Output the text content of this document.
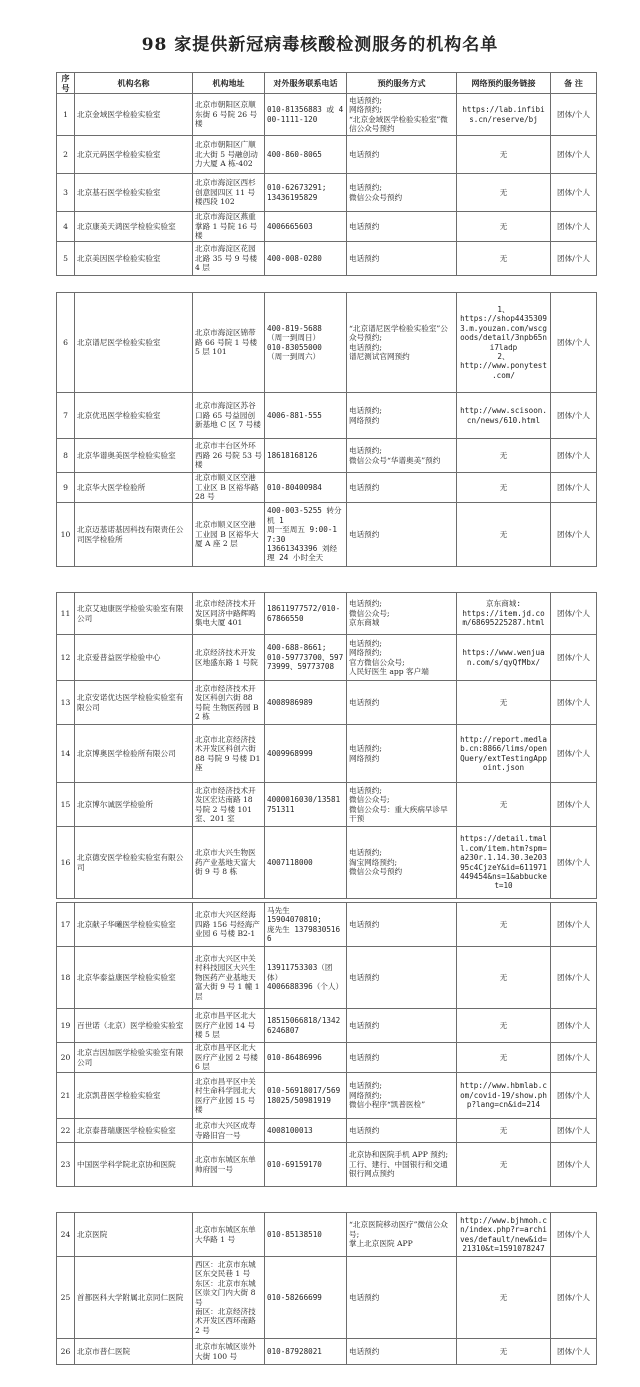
98 家提供新冠病毒核酸检测服务的机构名单
序号	机构名称	机构地址	对外服务联系电话	预约服务方式	网络预约服务链接	备 注
1	北京金域医学检验实验室	北京市朝阳区京顺东街 6 号院 26 号楼	010-81356883 或 400-1111-120	电话预约;
网络预约;
“北京金域医学检验实验室”微信公众号预约	https://lab.infibis.cn/reserve/bj	团体/个人
2	北京元码医学检验实验室	北京市朝阳区广顺北大街 5 号融创动力大厦 A 栋-402	400-860-8065	电话预约	无	团体/个人
3	北京基石医学检验实验室	北京市海淀区西杉创意园四区 11 号楼西段 102	010-62673291;
13436195829	电话预约;
微信公众号预约	无	团体/个人
4	北京康美天鸿医学检验实验室	北京市海淀区燕重掌路 1 号院 16 号楼	4006665603	电话预约	无	团体/个人
5	北京美因医学检验实验室	北京市海淀区花园北路 35 号 9 号楼 4 层	400-008-0280	电话预约	无	团体/个人
6	北京谱尼医学检验实验室	北京市海淀区锦带路 66 号院 1 号楼 5 层 101	400-819-5688
（周一到周日）
010-83055000
（周一到周六）	“北京谱尼医学检验实验室”公众号预约;
电话预约;
谱尼测试官网预约	1、
https://shop4435309 3.m.youzan.com/wscgoods/detail/3npb65n i7ladp
2、
http://www.ponytest .com/	团体/个人
7	北京优迅医学检验实验室	北京市海淀区苏谷口路 65 号益园创新基地 C 区 7 号楼	4006-881-555	电话预约;
网络预约	http://www.scisoon. cn/news/610.html	团体/个人
8	北京华谱奥美医学检验实验室	北京市丰台区外环西路 26 号院 53 号楼	18618168126	电话预约;
微信公众号“华谱奥美”预约	无	团体/个人
9	北京华大医学检验所	北京市顺义区空港工业区 B 区裕华路 28 号	010-80400984	电话预约	无	团体/个人
10	北京迈基诺基因科技有限责任公司医学检验所	北京市顺义区空港工业园 B 区裕华大厦 A 座 2 层	400-003-5255 转分机 1
周一至周五 9:00-17:30
13661343396 刘经理 24 小时全天	电话预约	无	团体/个人
11	北京艾迪康医学检验实验室有限公司	北京市经济技术开发区同济中路辉鸣集电大厦 401	18611977572/010-67866550	电话预约;
微信公众号;
京东商城	京东商城:
https://item.jd.com/68695225287.html	团体/个人
12	北京爱普益医学检验中心	北京经济技术开发区地盛东路 1 号院	400-688-8661;
010-59773700、59773999、59773708	电话预约;
网络预约;
官方微信公众号;
人民好医生 app 客户端	https://www.wenjuan.com/s/qyQfMbx/	团体/个人
13	北京安诺优达医学检验实验室有限公司	北京市经济技术开发区科创六街 88 号院 生物医药园 B2 栋	4008986989	电话预约	无	团体/个人
14	北京博奥医学检验所有限公司	北京市北京经济技术开发区科创六街 88 号院 9 号楼 D1 座	4009968999	电话预约;
网络预约	http://report.medlab.cn:8866/lims/openQuery/extTestingAppoint.json	团体/个人
15	北京博尔诚医学检验所	北京市经济技术开发区宏达南路 18 号院 2 号楼 101 室、201 室	4000016030/13581751311	电话预约;
微信公众号;
微信公众号：重大疾病早诊早干预	无	团体/个人
16	北京德安医学检验实验室有限公司	北京市大兴生物医药产业基地天富大街 9 号 8 栋	4007118000	电话预约;
淘宝网络预约;
微信公众号预约	https://detail.tmall.com/item.htm?spm=a230r.1.14.30.3e20395c4CjzeY&id=611971449454&ns=1&abbucket=10	团体/个人
17	北京献子华曦医学检验实验室	北京市大兴区经海四路 156 号经海产业园 6 号楼 B2-1	马先生
15904070810;
庞先生 13798305166	电话预约	无	团体/个人
18	北京华泰益康医学检验实验室	北京市大兴区中关村科技园区大兴生物医药产业基地天富大街 9 号 1 幢 1 层	13911753303（团体）
4006688396（个人）	电话预约	无	团体/个人
19	百世诺（北京）医学检验实验室	北京市昌平区北大医疗产业园 14 号楼 5 层	18515066818/13426246807	电话预约	无	团体/个人
20	北京吉因加医学检验实验室有限公司	北京市昌平区北大医疗产业园 2 号楼 6 层	010-86486996	电话预约	无	团体/个人
21	北京凯普医学检验实验室	北京市昌平区中关村生命科学园北大医疗产业园 15 号楼	010-56918017/56918025/50981919	电话预约;
网络预约;
微信小程序“凯普医检”	http://www.hbmlab.com/covid-19/show.php?lang=cn&id=214	团体/个人
22	北京泰普瑞康医学检验实验室	北京市大兴区成寿寺路旧宫一号	4008100013	电话预约	无	团体/个人
23	中国医学科学院北京协和医院	北京市东城区东单帅府园一号	010-69159170	北京协和医院手机 APP 预约;
工行、建行、中国银行和交通银行网点预约	无	团体/个人
24	北京医院	北京市东城区东单大华路 1 号	010-85138510	“北京医院移动医疗”微信公众号;
掌上北京医院 APP	http://www.bjhmoh.cn/index.php?r=archives/default/new&id=21310&t=1591078247	团体/个人
25	首都医科大学附属北京同仁医院	西区：北京市东城区东交民巷 1 号
东区：北京市东城区崇文门内大街 8 号
南区：北京经济技术开发区西环南路 2 号	010-58266699	电话预约	无	团体/个人
26	北京市普仁医院	北京市东城区崇外大街 100 号	010-87928021	电话预约	无	团体/个人
